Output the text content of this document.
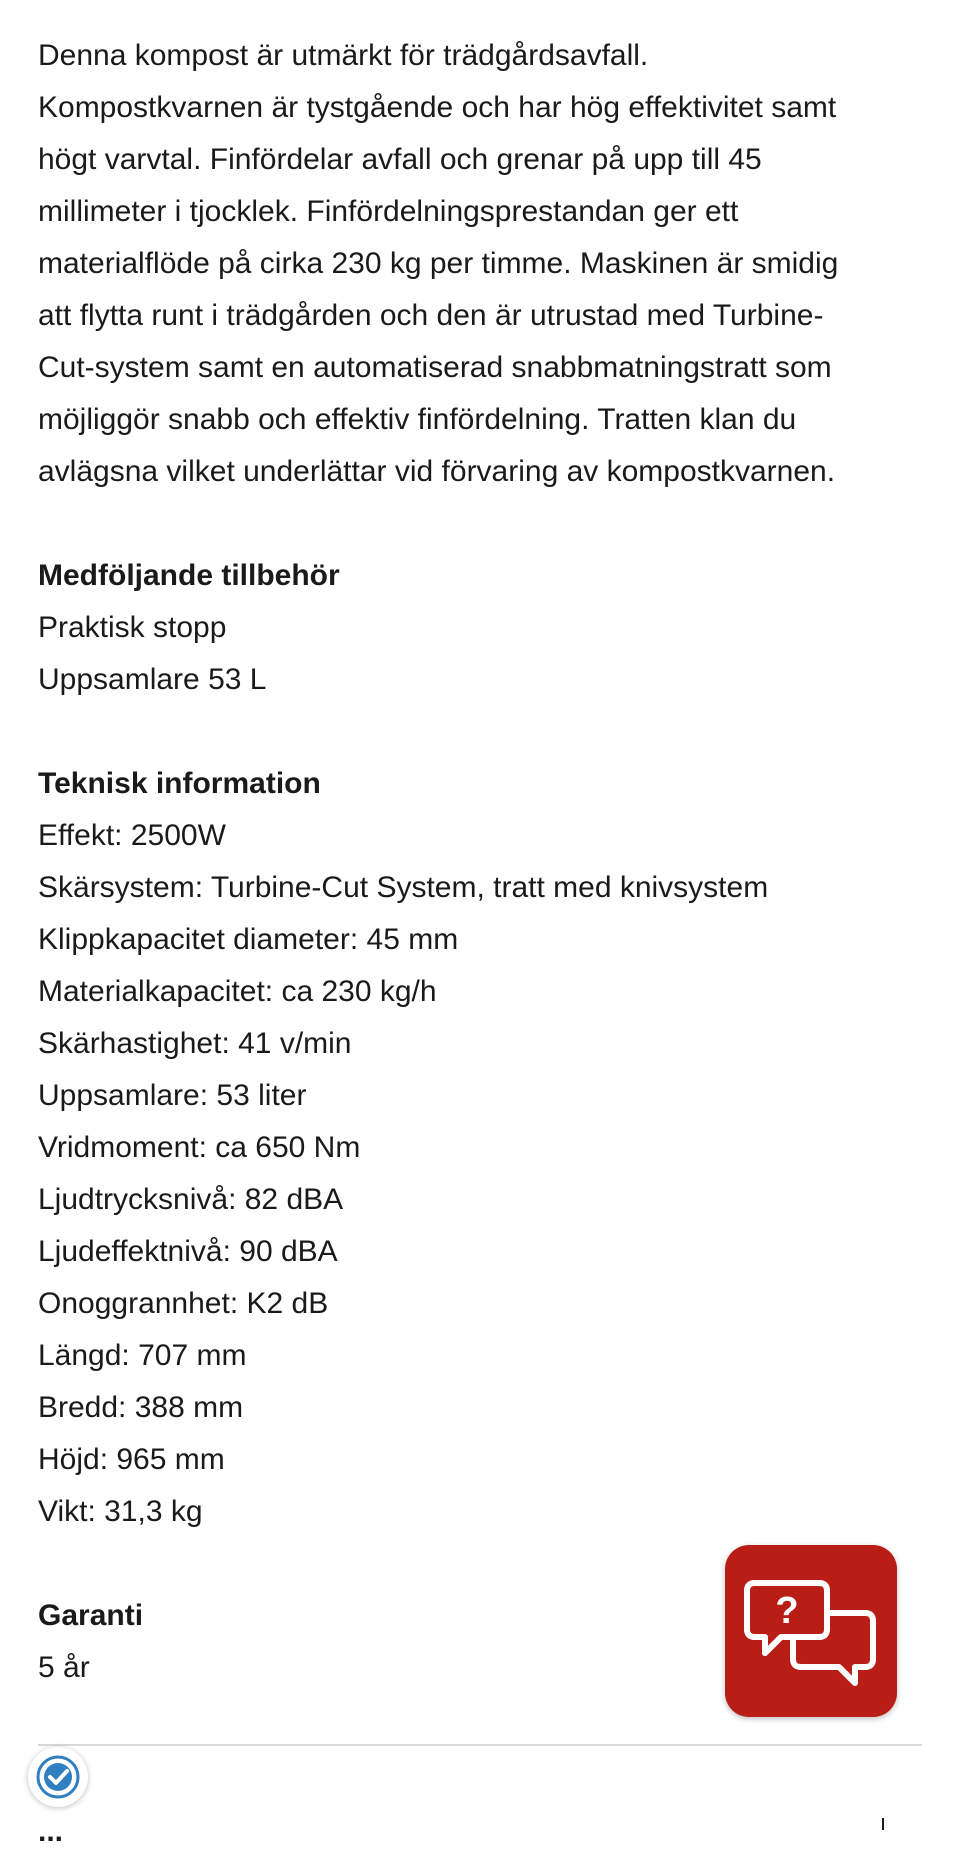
Denna kompost är utmärkt för trädgårdsavfall.
Kompostkvarnen är tystgående och har hög effektivitet samt
högt varvtal. Finfördelar avfall och grenar på upp till 45
millimeter i tjocklek. Finfördelningsprestandan ger ett
materialflöde på cirka 230 kg per timme. Maskinen är smidig
att flytta runt i trädgården och den är utrustad med Turbine-
Cut-system samt en automatiserad snabbmatningstratt som
möjliggör snabb och effektiv finfördelning. Tratten klan du
avlägsna vilket underlättar vid förvaring av kompostkvarnen.

Medföljande tillbehör
Praktisk stopp
Uppsamlare 53 L
Teknisk information
Effekt: 2500W
Skärsystem: Turbine-Cut System, tratt med knivsystem
Klippkapacitet diameter: 45 mm
Materialkapacitet: ca 230 kg/h
Skärhastighet: 41 v/min
Uppsamlare: 53 liter
Vridmoment: ca 650 Nm
Ljudtrycksnivå: 82 dBA
Ljudeffektnivå: 90 dBA
Onoggrannhet: K2 dB
Längd: 707 mm
Bredd: 388 mm
Höjd: 965 mm
Vikt: 31,3 kg
Garanti
5 år
...
?
